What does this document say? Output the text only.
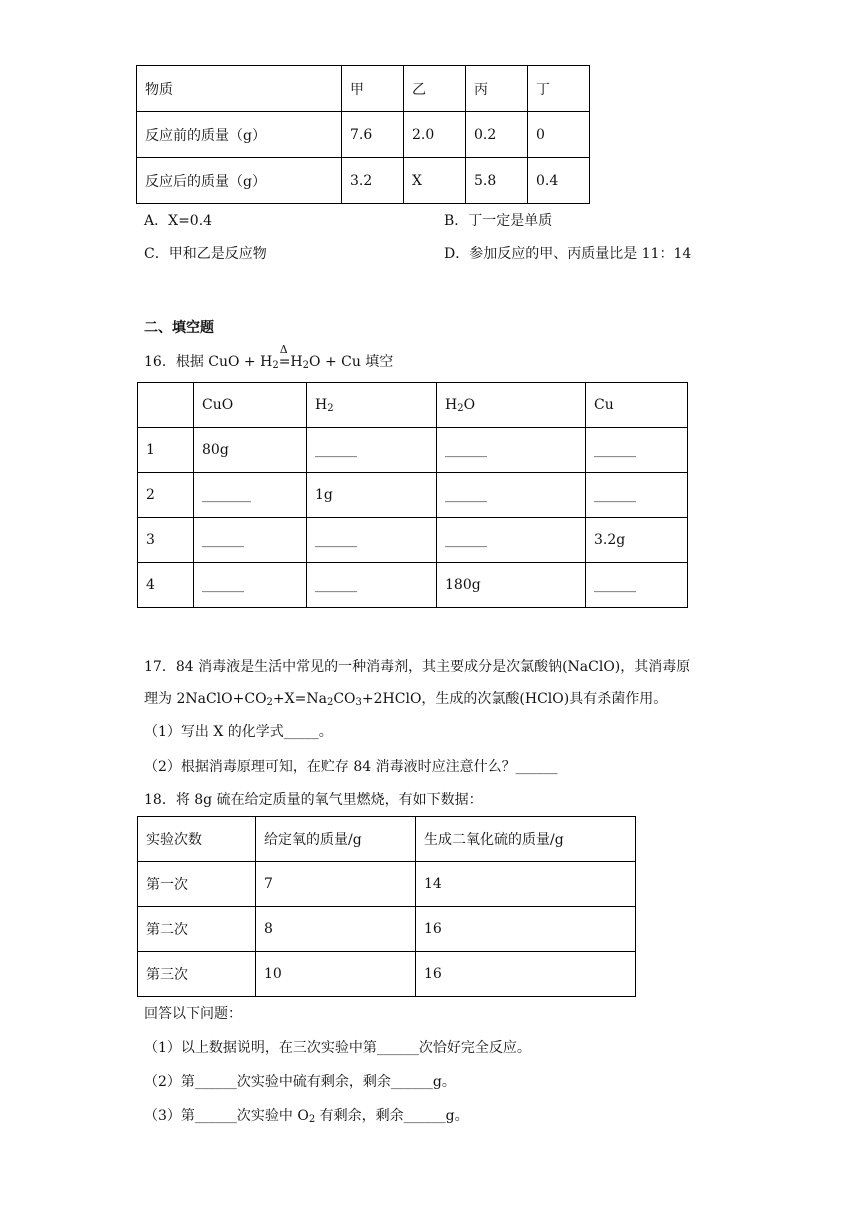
物质	甲	乙	丙	丁
反应前的质量（g）	7.6	2.0	0.2	0
反应后的质量（g）	3.2	X	5.8	0.4
A．X=0.4	B．丁一定是单质
C．甲和乙是反应物	D．参加反应的甲、丙质量比是 11：14
二、填空题
16．根据 CuO + $H_2$
Δ
$=H_2O + Cu$ 填空
	CuO	$H_2$	$H_2O$	Cu
1	80g	______	______	______
2	_______	1g	______	______
3	______	______	______	3.2g
4	______	______	180g	______
17．84 消毒液是生活中常见的一种消毒剂，其主要成分是次氯酸钠(NaClO)，其消毒原
理为 $2NaClO+CO_2+X=Na_2CO_3+2HClO$，生成的次氯酸(HClO)具有杀菌作用。
（1）写出 X 的化学式_____。
（2）根据消毒原理可知，在贮存 84 消毒液时应注意什么？______
18．将 8g 硫在给定质量的氧气里燃烧，有如下数据：
实验次数	给定氧的质量/g	生成二氧化硫的质量/g
第一次	7	14
第二次	8	16
第三次	10	16
回答以下问题：
（1）以上数据说明，在三次实验中第______次恰好完全反应。
（2）第______次实验中硫有剩余，剩余______g。
（3）第______次实验中 $O_2$ 有剩余，剩余______g。
